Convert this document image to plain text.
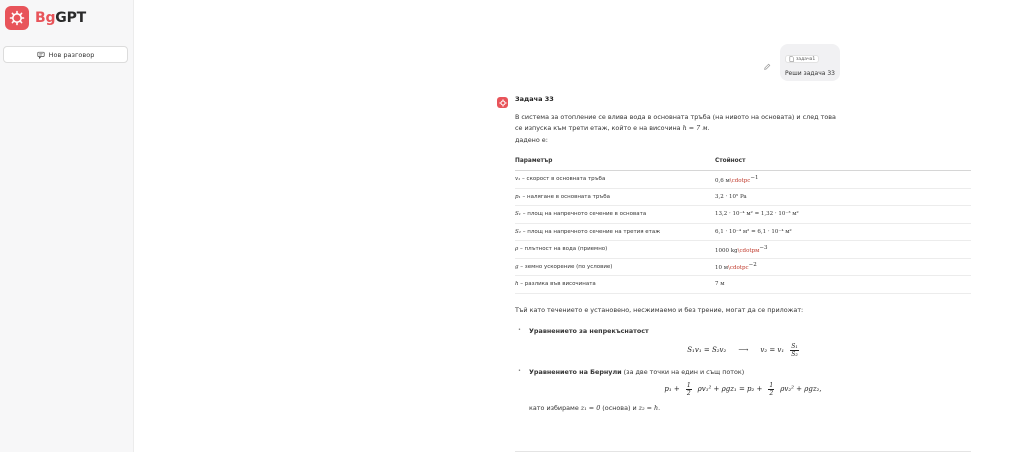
BgGPT
Нов разговор
задача1
Реши задача 33
Задача 33
В система за отопление се влива вода в основната тръба (на нивото на основата) и след това
се изпуска към трети етаж, който е на височина h = 7 м.
дадено е:
Параметър	Стойност
v₁ – скорост в основната тръба	0,6 м\cdotpс$^{-1}$
p₁ – налягане в основната тръба	3,2 · 10⁵ Pa
S₁ – площ на напречното сечение в основата	13,2 · 10⁻⁴ м² = 1,32 · 10⁻³ м²
S₂ – площ на напречното сечение на третия етаж	6,1 · 10⁻⁴ м² = 6,1 · 10⁻⁴ м²
ρ – плътност на вода (приемно)	1000 kg\cdotpм$^{-3}$
g – земно ускорение (по условие)	10 м\cdotpс$^{-2}$
h – разлика във височината	7 м
Тъй като течението е установено, несжимаемо и без трение, могат да се приложат:
• Уравнението за непрекъснатост
S₁v₁ = S₂v₂ ⟶ $v_2 = v_1 \frac{\text{S₁}}{\text{S₂}}$
• Уравнението на Бернули (за две точки на един и същ поток)
$p_1 + \frac{1}{2} \rho v_1^2 + \rho gz_1 = p_2 + \frac{1}{2} \rho v_2^2 + \rho gz_2$,
като избираме z₁ = 0 (основа) и z₂ = h.
